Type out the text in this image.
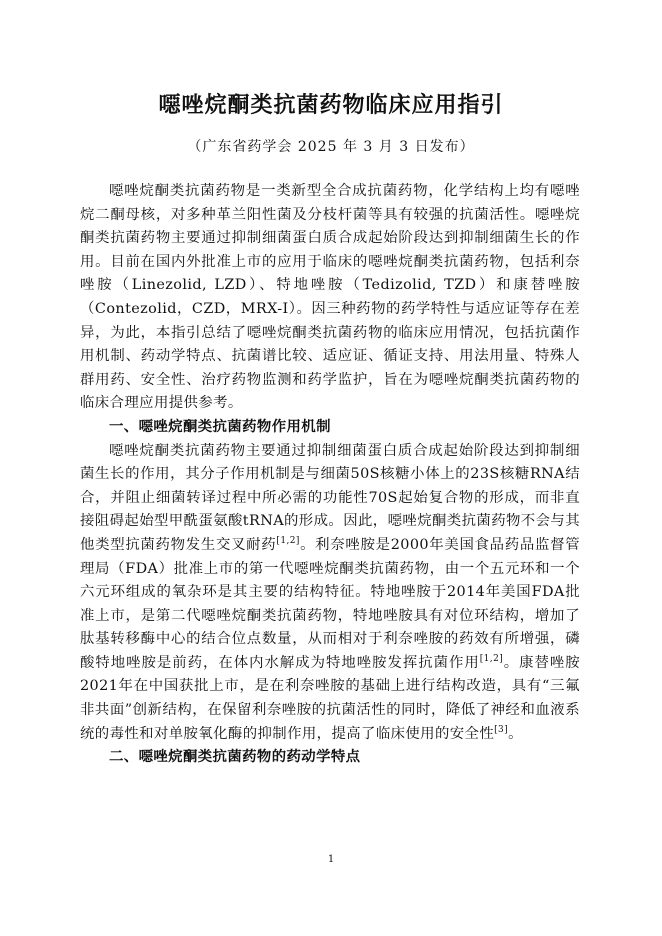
噁唑烷酮类抗菌药物临床应用指引
（广东省药学会 2025 年 3 月 3 日发布）

噁唑烷酮类抗菌药物是一类新型全合成抗菌药物，化学结构上均有噁唑烷二酮母核，对多种革兰阳性菌及分枝杆菌等具有较强的抗菌活性。噁唑烷酮类抗菌药物主要通过抑制细菌蛋白质合成起始阶段达到抑制细菌生长的作用。目前在国内外批准上市的应用于临床的噁唑烷酮类抗菌药物，包括利奈唑胺（Linezolid, LZD）、特地唑胺（Tedizolid, TZD）和康替唑胺（Contezolid，CZD，MRX-I）。因三种药物的药学特性与适应证等存在差异，为此，本指引总结了噁唑烷酮类抗菌药物的临床应用情况，包括抗菌作用机制、药动学特点、抗菌谱比较、适应证、循证支持、用法用量、特殊人群用药、安全性、治疗药物监测和药学监护，旨在为噁唑烷酮类抗菌药物的临床合理应用提供参考。

一、噁唑烷酮类抗菌药物作用机制

噁唑烷酮类抗菌药物主要通过抑制细菌蛋白质合成起始阶段达到抑制细菌生长的作用，其分子作用机制是与细菌50S核糖小体上的23S核糖RNA结合，并阻止细菌转译过程中所必需的功能性70S起始复合物的形成，而非直接阻碍起始型甲酰蛋氨酸tRNA的形成。因此，噁唑烷酮类抗菌药物不会与其他类型抗菌药物发生交叉耐药[1,2]。利奈唑胺是2000年美国食品药品监督管理局（FDA）批准上市的第一代噁唑烷酮类抗菌药物，由一个五元环和一个六元环组成的氧杂环是其主要的结构特征。特地唑胺于2014年美国FDA批准上市，是第二代噁唑烷酮类抗菌药物，特地唑胺具有对位环结构，增加了肽基转移酶中心的结合位点数量，从而相对于利奈唑胺的药效有所增强，磷酸特地唑胺是前药，在体内水解成为特地唑胺发挥抗菌作用[1,2]。康替唑胺2021年在中国获批上市，是在利奈唑胺的基础上进行结构改造，具有“三氟非共面”创新结构，在保留利奈唑胺的抗菌活性的同时，降低了神经和血液系统的毒性和对单胺氧化酶的抑制作用，提高了临床使用的安全性[3]。

二、噁唑烷酮类抗菌药物的药动学特点

1
